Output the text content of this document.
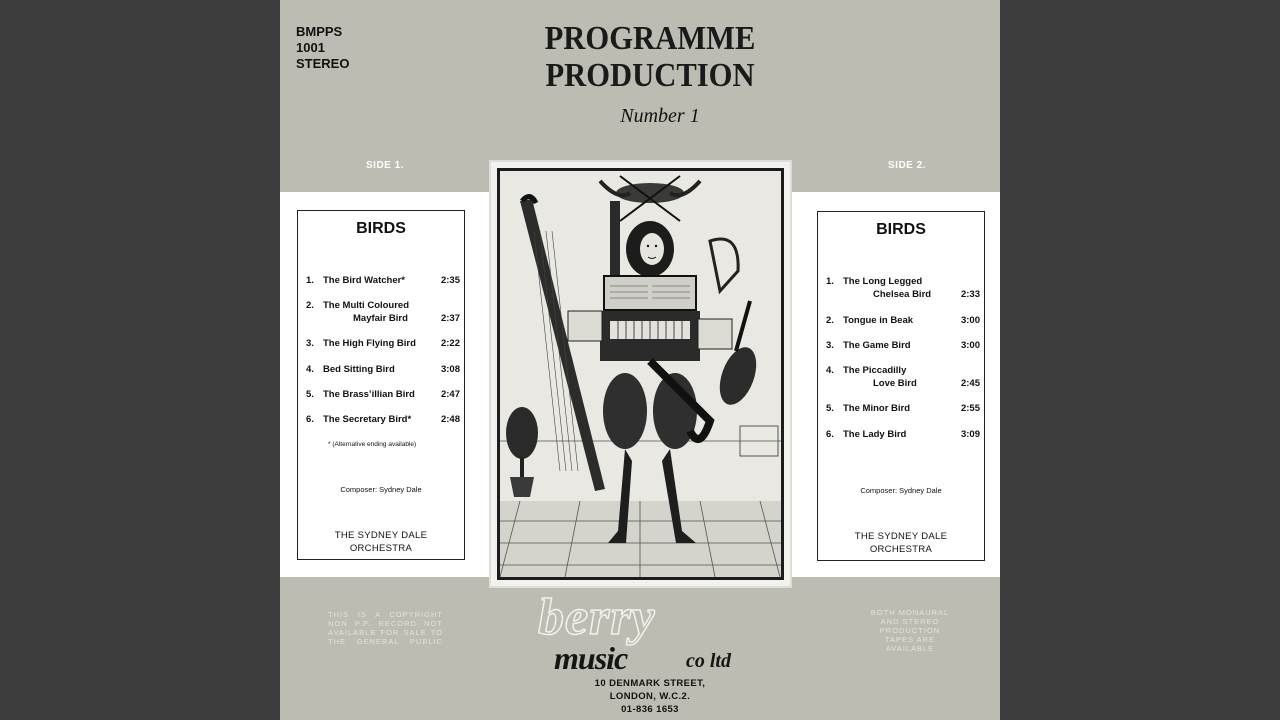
BMPPS
1001
STEREO
PROGRAMME
PRODUCTION
Number 1
SIDE 1.	SIDE 2.
BIRDS
1. The Bird Watcher*	2:35
2. The Multi Coloured
Mayfair Bird	2:37
3. The High Flying Bird	2:22
4. Bed Sitting Bird	3:08
5. The Brass’illian Bird	2:47
6. The Secretary Bird*	2:48
* (Alternative ending available)
Composer: Sydney Dale
THE SYDNEY DALE
ORCHESTRA
BIRDS
1. The Long Legged
Chelsea Bird	2:33
2. Tongue in Beak	3:00
3. The Game Bird	3:00
4. The Piccadilly
Love Bird	2:45
5. The Minor Bird	2:55
6. The Lady Bird	3:09
Composer: Sydney Dale
THE SYDNEY DALE
ORCHESTRA
THIS IS A COPYRIGHT NON P.P. RECORD NOT AVAILABLE FOR SALE TO THE GENERAL PUBLIC
BOTH MONAURAL AND STEREO PRODUCTION TAPES ARE AVAILABLE
berry
music	co ltd
10 DENMARK STREET,
LONDON, W.C.2.
01-836 1653
